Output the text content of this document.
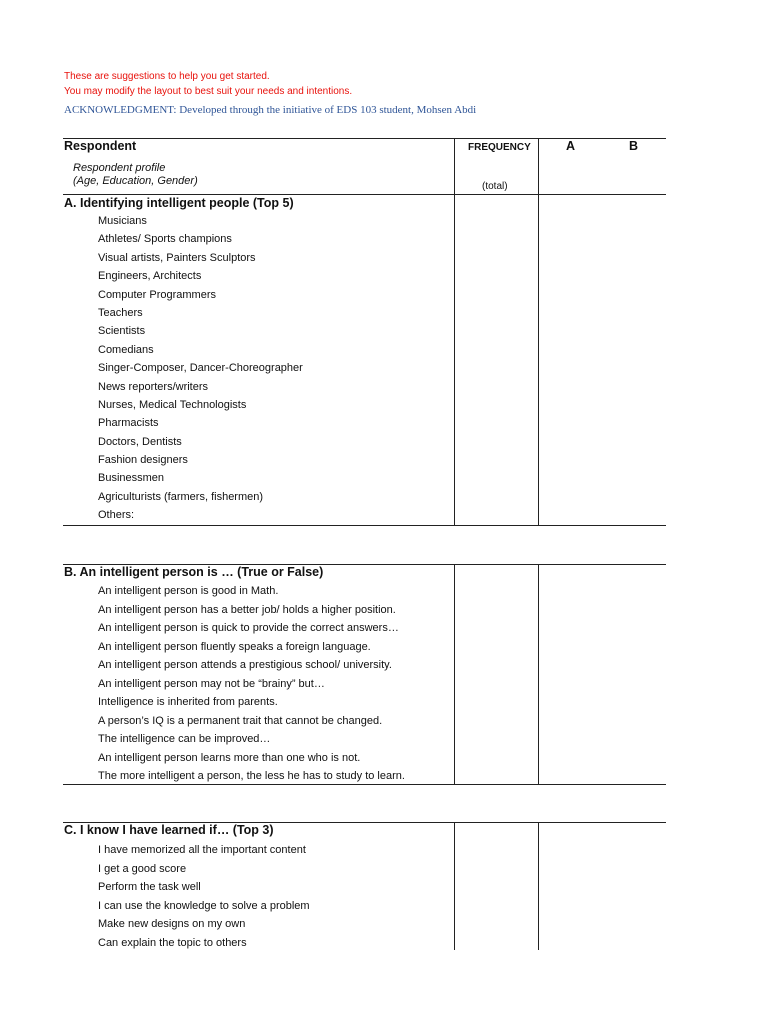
These are suggestions to help you get started.
You may modify the layout to best suit your needs and intentions.
ACKNOWLEDGMENT: Developed through the initiative of EDS 103 student, Mohsen Abdi
Respondent	FREQUENCY	A	B
Respondent profile
(Age, Education, Gender)	(total)
A. Identifying intelligent people (Top 5)
Musicians
Athletes/ Sports champions
Visual artists, Painters Sculptors
Engineers, Architects
Computer Programmers
Teachers
Scientists
Comedians
Singer-Composer, Dancer-Choreographer
News reporters/writers
Nurses, Medical Technologists
Pharmacists
Doctors, Dentists
Fashion designers
Businessmen
Agriculturists (farmers, fishermen)
Others:
B. An intelligent person is … (True or False)
An intelligent person is good in Math.
An intelligent person has a better job/ holds a higher position.
An intelligent person is quick to provide the correct answers…
An intelligent person fluently speaks a foreign language.
An intelligent person attends a prestigious school/ university.
An intelligent person may not be “brainy” but…
Intelligence is inherited from parents.
A person’s IQ is a permanent trait that cannot be changed.
The intelligence can be improved…
An intelligent person learns more than one who is not.
The more intelligent a person, the less he has to study to learn.
C. I know I have learned if… (Top 3)
I have memorized all the important content
I get a good score
Perform the task well
I can use the knowledge to solve a problem
Make new designs on my own
Can explain the topic to others
